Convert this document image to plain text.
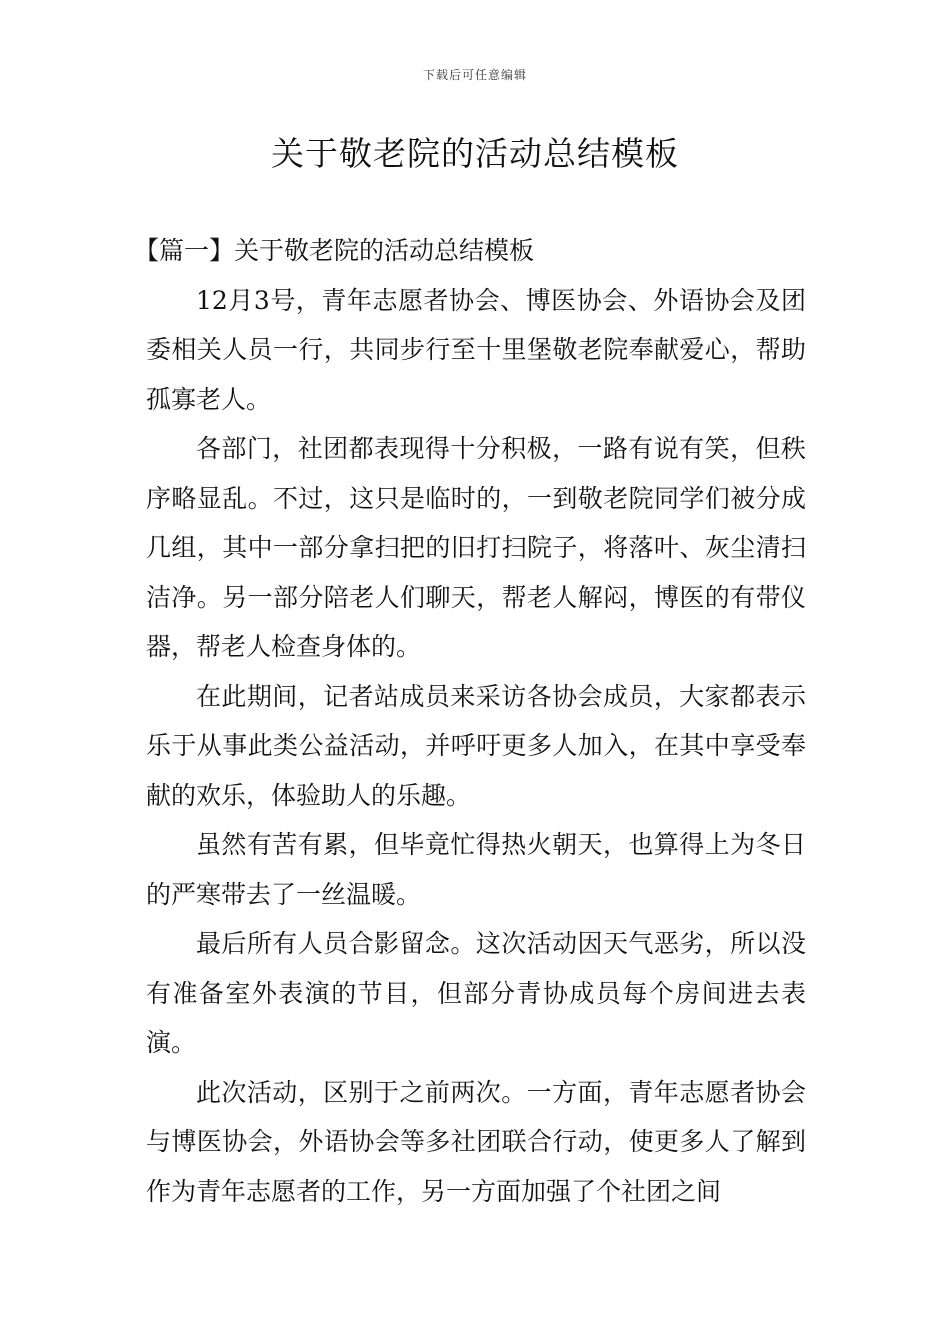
下载后可任意编辑
关于敬老院的活动总结模板

【篇一】关于敬老院的活动总结模板

12月3号，青年志愿者协会、博医协会、外语协会及团委相关人员一行，共同步行至十里堡敬老院奉献爱心，帮助孤寡老人。

各部门，社团都表现得十分积极，一路有说有笑，但秩序略显乱。不过，这只是临时的，一到敬老院同学们被分成几组，其中一部分拿扫把的旧打扫院子，将落叶、灰尘清扫洁净。另一部分陪老人们聊天，帮老人解闷，博医的有带仪器，帮老人检查身体的。

在此期间，记者站成员来采访各协会成员，大家都表示乐于从事此类公益活动，并呼吁更多人加入，在其中享受奉献的欢乐，体验助人的乐趣。

虽然有苦有累，但毕竟忙得热火朝天，也算得上为冬日的严寒带去了一丝温暖。

最后所有人员合影留念。这次活动因天气恶劣，所以没有准备室外表演的节目，但部分青协成员每个房间进去表演。

此次活动，区别于之前两次。一方面，青年志愿者协会与博医协会，外语协会等多社团联合行动，使更多人了解到作为青年志愿者的工作，另一方面加强了个社团之间
